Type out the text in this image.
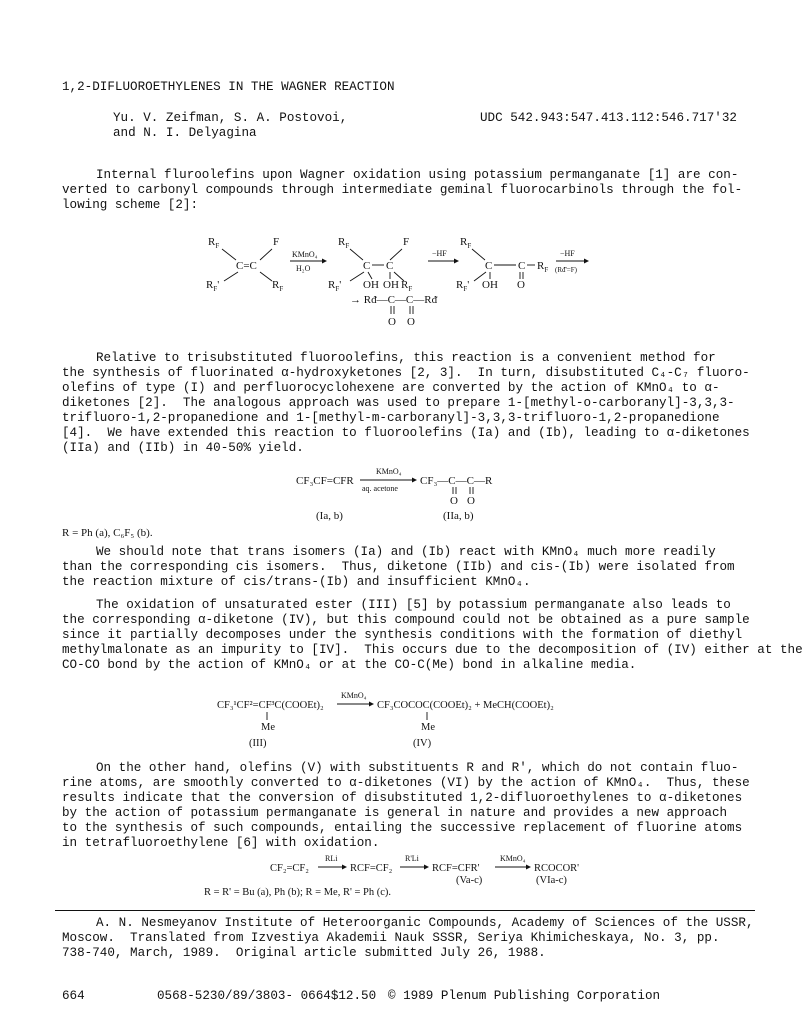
1,2-DIFLUOROETHYLENES IN THE WAGNER REACTION
Yu. V. Zeifman, S. A. Postovoi,
and N. I. Delyagina
UDC 542.943:547.413.112:546.717'32
Internal fluroolefins upon Wagner oxidation using potassium permanganate [1] are con-
verted to carbonyl compounds through intermediate geminal fluorocarbinols through the fol-
lowing scheme [2]:
$R_F$	F
C=C
$R_F'$	$R_F$
KMnO₄
H₂O
$R_F$	F
C C
$R_F'$ OH OH $R_F$
−HF
$R_F$
C C $R_F$
$R_F'$ OH O
−HF
(Rᵭ'=F)
→ Rᵭ—C—C—Rᵭ
O O
Relative to trisubstituted fluoroolefins, this reaction is a convenient method for
the synthesis of fluorinated α-hydroxyketones [2, 3].  In turn, disubstituted C₄-C₇ fluoro-
olefins of type (I) and perfluorocyclohexene are converted by the action of KMnO₄ to α-
diketones [2].  The analogous approach was used to prepare 1-[methyl-o-carboranyl]-3,3,3-
trifluoro-1,2-propanedione and 1-[methyl-m-carboranyl]-3,3,3-trifluoro-1,2-propanedione
[4].  We have extended this reaction to fluoroolefins (Ia) and (Ib), leading to α-diketones
(IIa) and (IIb) in 40-50% yield.
CF₃CF=CFR
KMnO₄
aq. acetone
CF₃—C—C—R
O O
(Ia, b)	(IIa, b)
R = Ph (a), C₆F₅ (b).
We should note that trans isomers (Ia) and (Ib) react with KMnO₄ much more readily
than the corresponding cis isomers.  Thus, diketone (IIb) and cis-(Ib) were isolated from
the reaction mixture of cis/trans-(Ib) and insufficient KMnO₄.
The oxidation of unsaturated ester (III) [5] by potassium permanganate also leads to
the corresponding α-diketone (IV), but this compound could not be obtained as a pure sample
since it partially decomposes under the synthesis conditions with the formation of diethyl
methylmalonate as an impurity to [IV].  This occurs due to the decomposition of (IV) either at the
CO-CO bond by the action of KMnO₄ or at the CO-C(Me) bond in alkaline media.
CF₃¹CF²=CF³C(COOEt)₂
KMnO₄
CF₃COCOC(COOEt)₂ + MeCH(COOEt)₂
Me	Me
(III)	(IV)
On the other hand, olefins (V) with substituents R and R', which do not contain fluo-
rine atoms, are smoothly converted to α-diketones (VI) by the action of KMnO₄.  Thus, these
results indicate that the conversion of disubstituted 1,2-difluoroethylenes to α-diketones
by the action of potassium permanganate is general in nature and provides a new approach
to the synthesis of such compounds, entailing the successive replacement of fluorine atoms
in tetrafluoroethylene [6] with oxidation.
CF₂=CF₂
RLi
RCF=CF₂
R'Li
RCF=CFR'
KMnO₄
RCOCOR'
(Va-c)	(VIa-c)
R = R' = Bu (a), Ph (b); R = Me, R' = Ph (c).
A. N. Nesmeyanov Institute of Heteroorganic Compounds, Academy of Sciences of the USSR,
Moscow.  Translated from Izvestiya Akademii Nauk SSSR, Seriya Khimicheskaya, No. 3, pp.
738-740, March, 1989.  Original article submitted July 26, 1988.
664	0568-5230/89/3803- 0664$12.50 © 1989 Plenum Publishing Corporation
